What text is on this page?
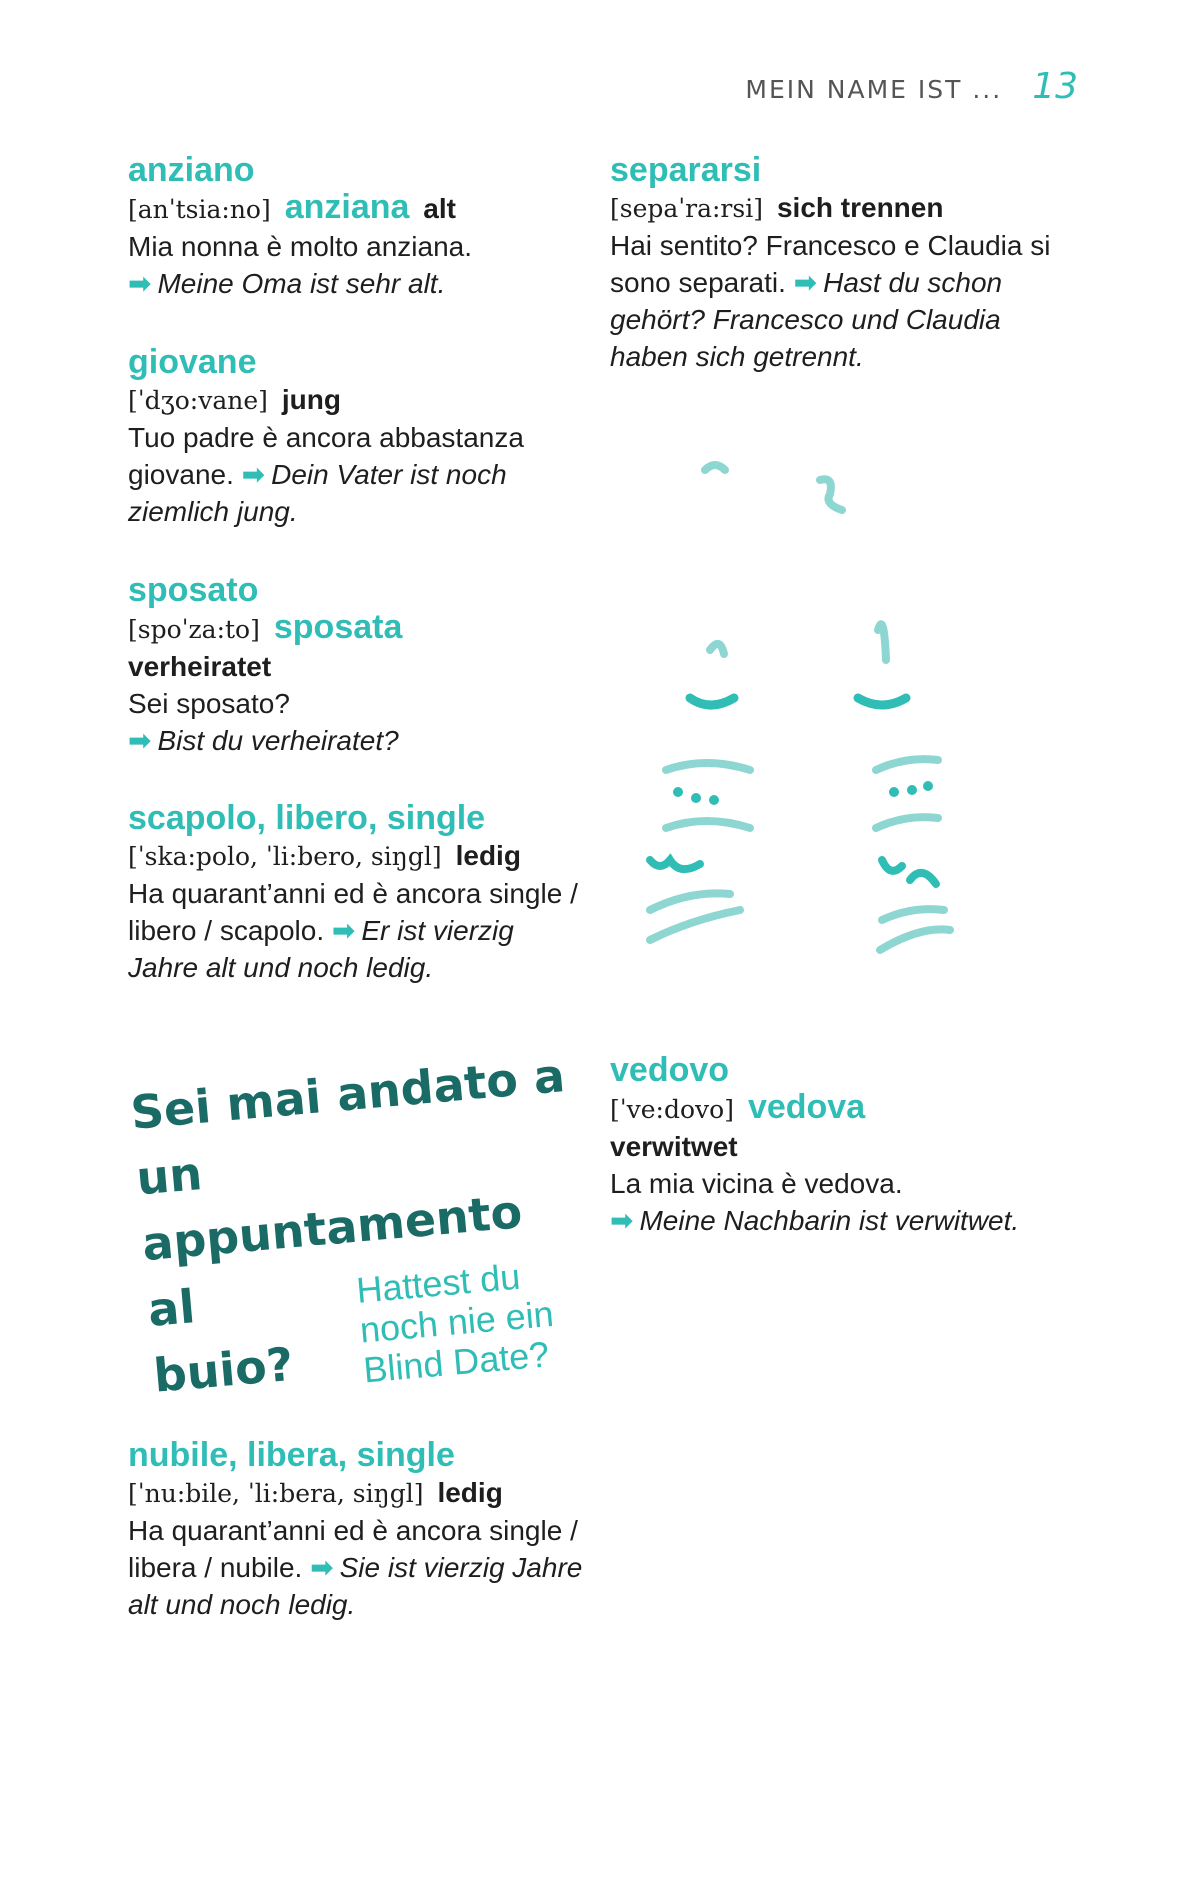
MEIN NAME IST ... 13
anziano
[anˈtsia:no] anziana alt
Mia nonna è molto anziana.
➡ Meine Oma ist sehr alt.
giovane
[ˈdʒo:vane] jung
Tuo padre è ancora abbastanza giovane. ➡ Dein Vater ist noch ziemlich jung.
sposato
[spoˈza:to] sposata
verheiratet
Sei sposato?
➡ Bist du verheiratet?
scapolo, libero, single
[ˈska:polo, ˈli:bero, siŋgl] ledig
Ha quarant’anni ed è ancora single / libero / scapolo. ➡ Er ist vierzig Jahre alt und noch ledig.
nubile, libera, single
[ˈnu:bile, ˈli:bera, siŋgl] ledig
Ha quarant’anni ed è ancora single / libera / nubile. ➡ Sie ist vierzig Jahre alt und noch ledig.
Sei mai andato a
un appuntamento
al buio?
Hattest du noch nie ein Blind Date?
separarsi
[sepaˈra:rsi] sich trennen
Hai sentito? Francesco e Claudia si sono separati. ➡ Hast du schon gehört? Francesco und Claudia haben sich getrennt.
vedovo
[ˈve:dovo] vedova
verwitwet
La mia vicina è vedova.
➡ Meine Nachbarin ist verwitwet.
